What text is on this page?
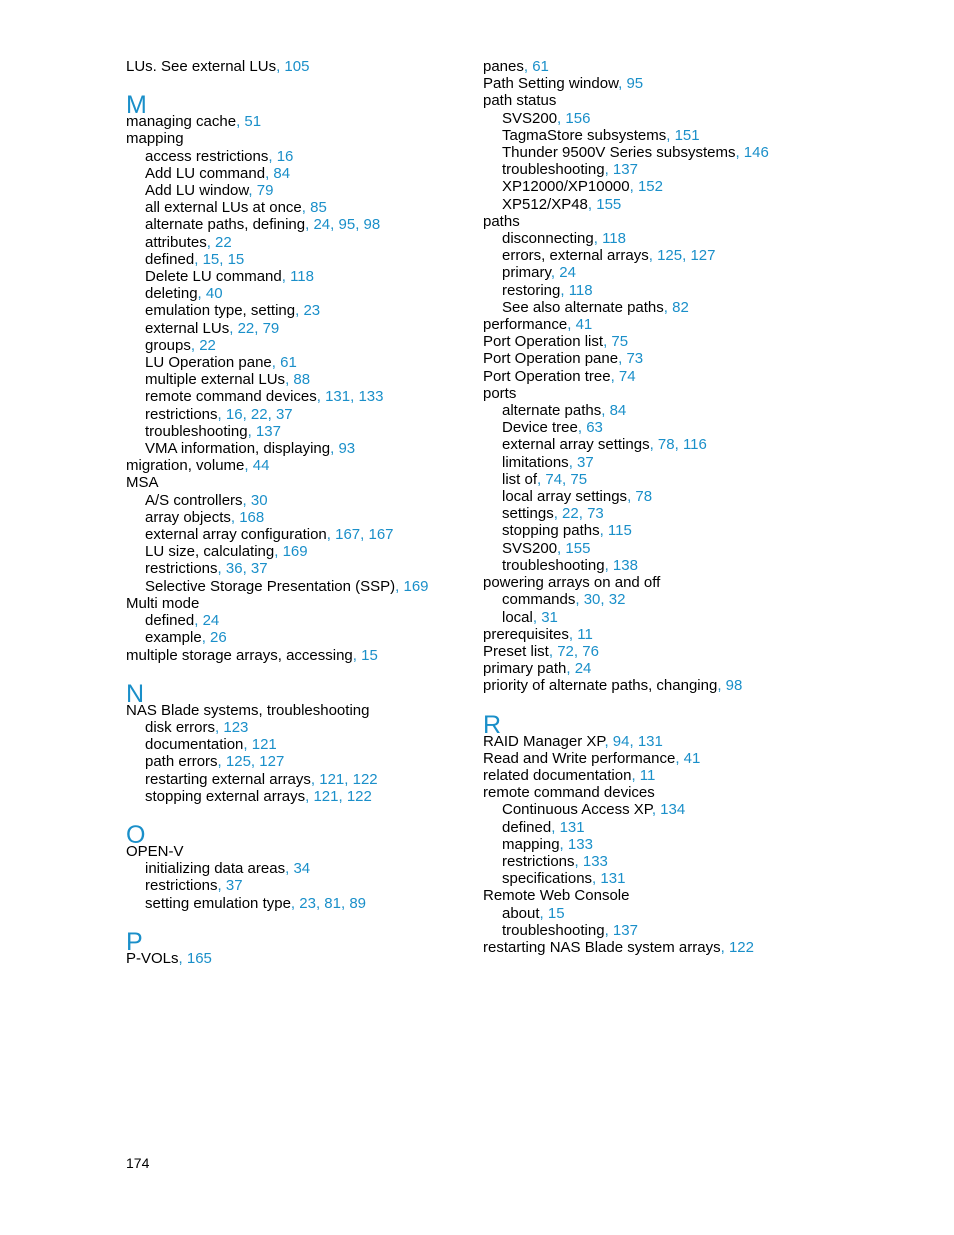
LUs. See external LUs, 105
M
managing cache, 51
mapping
access restrictions, 16
Add LU command, 84
Add LU window, 79
all external LUs at once, 85
alternate paths, defining, 24, 95, 98
attributes, 22
defined, 15, 15
Delete LU command, 118
deleting, 40
emulation type, setting, 23
external LUs, 22, 79
groups, 22
LU Operation pane, 61
multiple external LUs, 88
remote command devices, 131, 133
restrictions, 16, 22, 37
troubleshooting, 137
VMA information, displaying, 93
migration, volume, 44
MSA
A/S controllers, 30
array objects, 168
external array configuration, 167, 167
LU size, calculating, 169
restrictions, 36, 37
Selective Storage Presentation (SSP), 169
Multi mode
defined, 24
example, 26
multiple storage arrays, accessing, 15
N
NAS Blade systems, troubleshooting
disk errors, 123
documentation, 121
path errors, 125, 127
restarting external arrays, 121, 122
stopping external arrays, 121, 122
O
OPEN-V
initializing data areas, 34
restrictions, 37
setting emulation type, 23, 81, 89
P
P-VOLs, 165
panes, 61
Path Setting window, 95
path status
SVS200, 156
TagmaStore subsystems, 151
Thunder 9500V Series subsystems, 146
troubleshooting, 137
XP12000/XP10000, 152
XP512/XP48, 155
paths
disconnecting, 118
errors, external arrays, 125, 127
primary, 24
restoring, 118
See also alternate paths, 82
performance, 41
Port Operation list, 75
Port Operation pane, 73
Port Operation tree, 74
ports
alternate paths, 84
Device tree, 63
external array settings, 78, 116
limitations, 37
list of, 74, 75
local array settings, 78
settings, 22, 73
stopping paths, 115
SVS200, 155
troubleshooting, 138
powering arrays on and off
commands, 30, 32
local, 31
prerequisites, 11
Preset list, 72, 76
primary path, 24
priority of alternate paths, changing, 98
R
RAID Manager XP, 94, 131
Read and Write performance, 41
related documentation, 11
remote command devices
Continuous Access XP, 134
defined, 131
mapping, 133
restrictions, 133
specifications, 131
Remote Web Console
about, 15
troubleshooting, 137
restarting NAS Blade system arrays, 122
174
